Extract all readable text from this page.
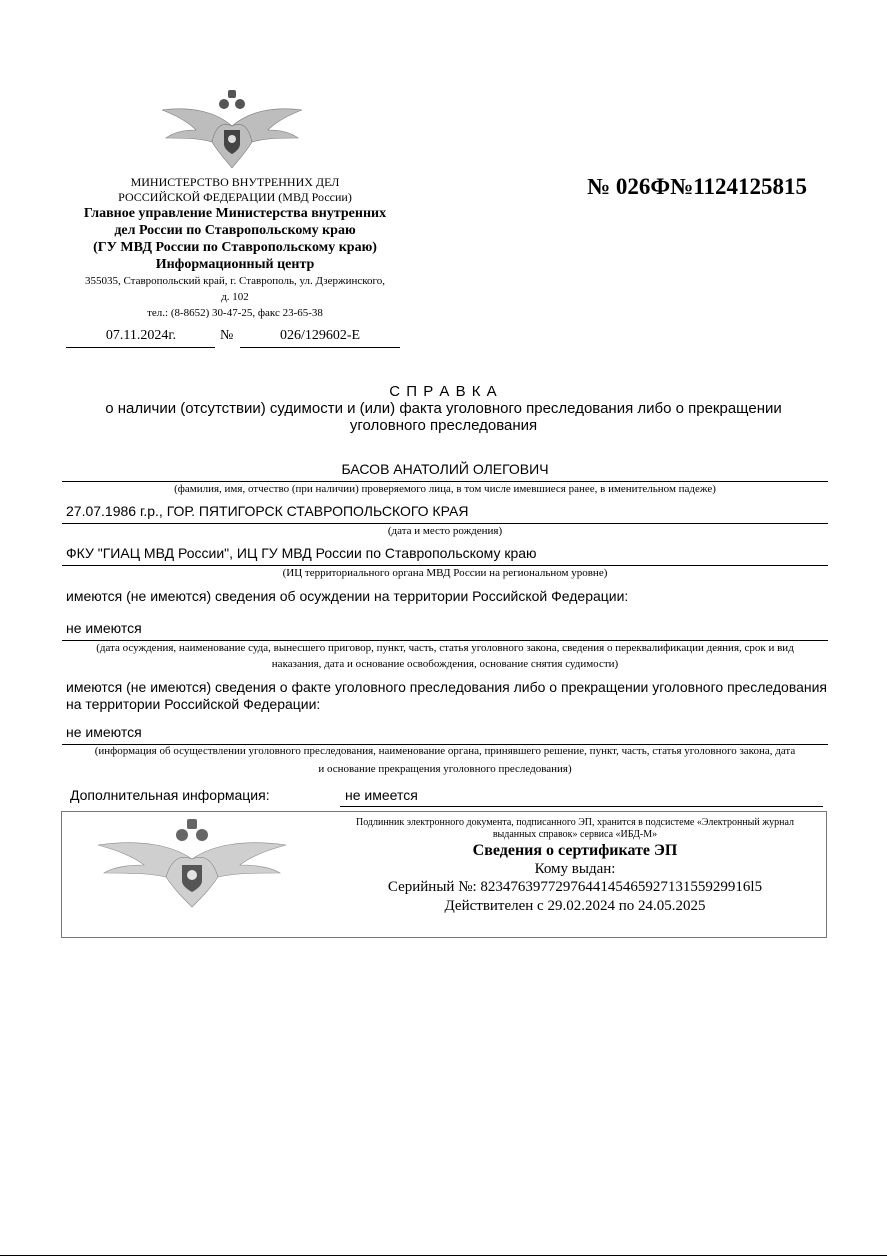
МИНИСТЕРСТВО ВНУТРЕННИХ ДЕЛ
РОССИЙСКОЙ ФЕДЕРАЦИИ (МВД России)
Главное управление Министерства внутренних
дел России по Ставропольскому краю
(ГУ МВД России по Ставропольскому краю)
Информационный центр
355035, Ставропольский край, г. Ставрополь, ул. Дзержинского,
д. 102
тел.: (8-8652) 30-47-25, факс 23-65-38
07.11.2024г.	№	026/129602-Е
№ 026Ф№1124125815
С П Р А В К А
о наличии (отсутствии) судимости и (или) факта уголовного преследования либо о прекращении
уголовного преследования
БАСОВ АНАТОЛИЙ ОЛЕГОВИЧ
(фамилия, имя, отчество (при наличии) проверяемого лица, в том числе имевшиеся ранее, в именительном падеже)
27.07.1986 г.р., ГОР. ПЯТИГОРСК СТАВРОПОЛЬСКОГО КРАЯ
(дата и место рождения)
ФКУ "ГИАЦ МВД России", ИЦ ГУ МВД России по Ставропольскому краю
(ИЦ территориального органа МВД России на региональном уровне)
имеются (не имеются) сведения об осуждении на территории Российской Федерации:
не имеются
(дата осуждения, наименование суда, вынесшего приговор, пункт, часть, статья уголовного закона, сведения о переквалификации деяния, срок и вид
наказания, дата и основание освобождения, основание снятия судимости)
имеются (не имеются) сведения о факте уголовного преследования либо о прекращении уголовного преследования
на территории Российской Федерации:
не имеются
(информация об осуществлении уголовного преследования, наименование органа, принявшего решение, пункт, часть, статья уголовного закона, дата
и основание прекращения уголовного преследования)
Дополнительная информация:	не имеется
Подлинник электронного документа, подписанного ЭП, хранится в подсистеме «Электронный журнал
выданных справок» сервиса «ИБД-М»
Сведения о сертификате ЭП
Кому выдан:
Серийный №: 823476397729764414546592713155929916l5
Действителен с 29.02.2024 по 24.05.2025
